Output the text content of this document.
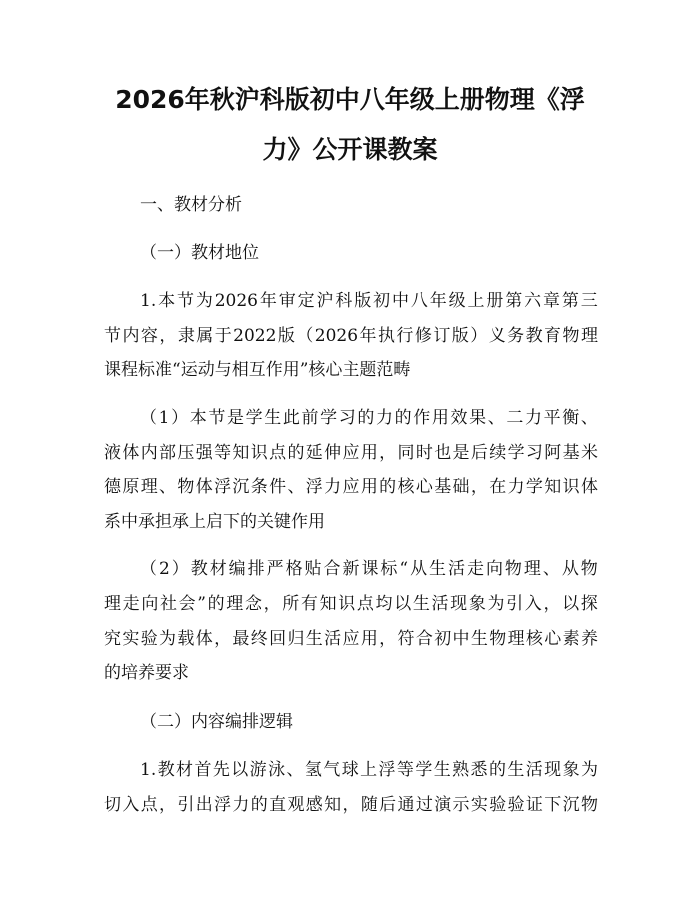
2026年秋沪科版初中八年级上册物理《浮
力》公开课教案
一、教材分析
（一）教材地位
1. 本 节 为 2026 年 审 定 沪 科 版 初 中 八 年 级 上 册 第 六 章 第 三
节 内 容 ， 隶 属 于 2022 版 （ 2026 年 执 行 修 订 版 ） 义 务 教 育 物 理
课程标准“运动与相互作用”核心主题范畴
（ 1 ） 本 节 是 学 生 此 前 学 习 的 力 的 作 用 效 果 、 二 力 平 衡 、
液 体 内 部 压 强 等 知 识 点 的 延 伸 应 用 ， 同 时 也 是 后 续 学 习 阿 基 米
德 原 理 、 物 体 浮 沉 条 件 、 浮 力 应 用 的 核 心 基 础 ， 在 力 学 知 识 体
系中承担承上启下的关键作用
（ 2 ） 教 材 编 排 严 格 贴 合 新 课 标 “ 从 生 活 走 向 物 理 、 从 物
理 走 向 社 会 ” 的 理 念 ， 所 有 知 识 点 均 以 生 活 现 象 为 引 入 ， 以 探
究 实 验 为 载 体 ， 最 终 回 归 生 活 应 用 ， 符 合 初 中 生 物 理 核 心 素 养
的培养要求
（二）内容编排逻辑
1. 教 材 首 先 以 游 泳 、 氢 气 球 上 浮 等 学 生 熟 悉 的 生 活 现 象 为
切 入 点 ， 引 出 浮 力 的 直 观 感 知 ， 随 后 通 过 演 示 实 验 验 证 下 沉 物
